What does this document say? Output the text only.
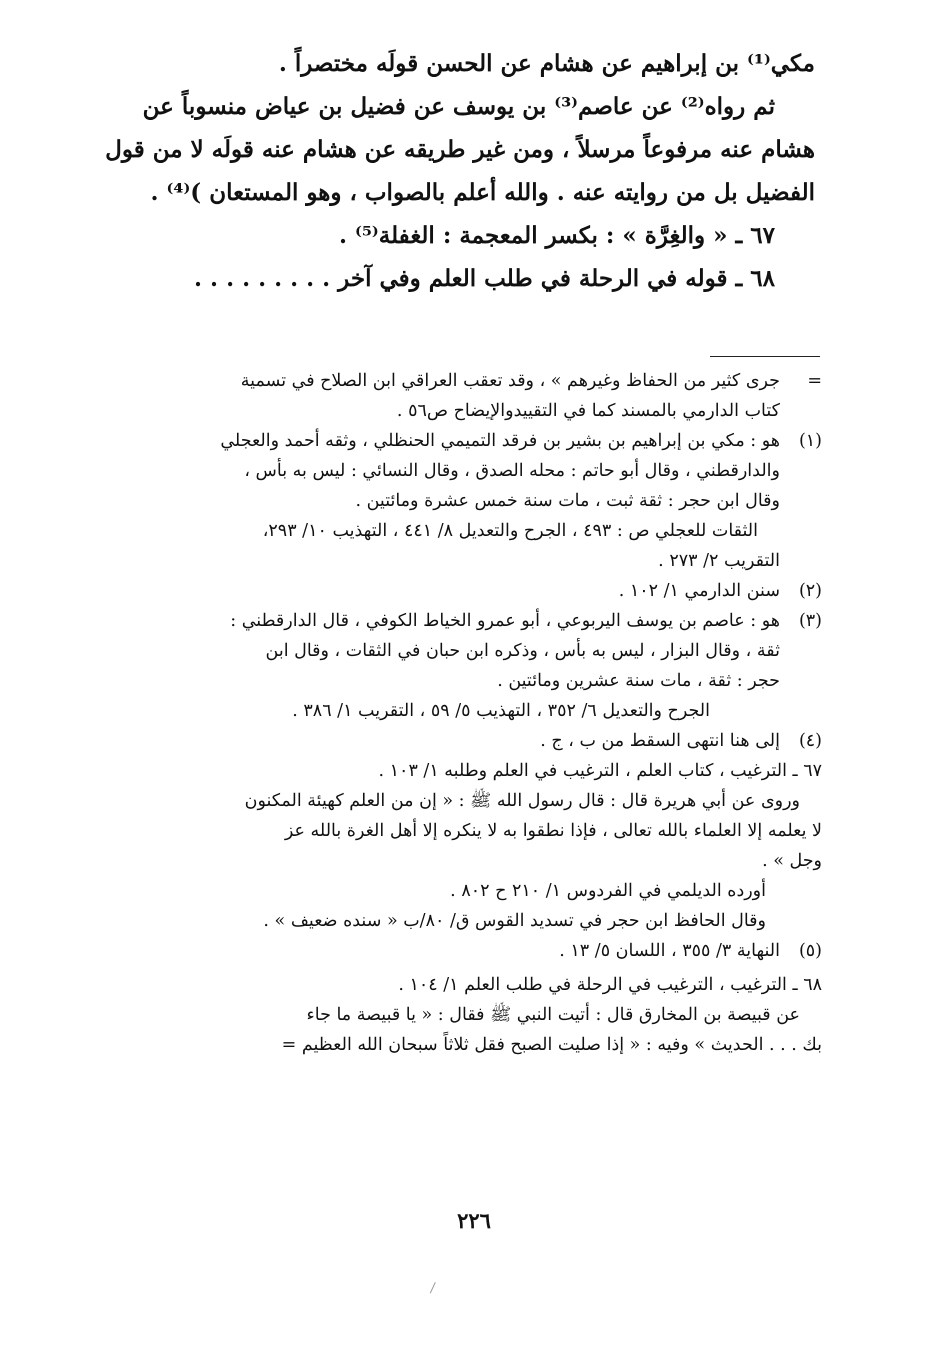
مكي⁽¹⁾ بن إبراهيم عن هشام عن الحسن قولَه مختصراً .
ثم رواه⁽²⁾ عن عاصم⁽³⁾ بن يوسف عن فضيل بن عياض منسوباً عن
هشام عنه مرفوعاً مرسلاً ، ومن غير طريقه عن هشام عنه قولَه لا من قول
الفضيل بل من روايته عنه . والله أعلم بالصواب ، وهو المستعان )⁽⁴⁾ .
٦٧ ـ « والغِرَّة » : بكسر المعجمة : الغفلة⁽⁵⁾ .
٦٨ ـ قوله في الرحلة في طلب العلم وفي آخر . . . . . . . . .
=
جرى كثير من الحفاظ وغيرهم » ، وقد تعقب العراقي ابن الصلاح في تسمية
كتاب الدارمي بالمسند كما في التقييدوالإيضاح ص٥٦ .
(١)
هو : مكي بن إبراهيم بن بشير بن فرقد التميمي الحنظلي ، وثقه أحمد والعجلي
والدارقطني ، وقال أبو حاتم : محله الصدق ، وقال النسائي : ليس به بأس ،
وقال ابن حجر : ثقة ثبت ، مات سنة خمس عشرة ومائتين .
الثقات للعجلي ص : ٤٩٣ ، الجرح والتعديل ٨/ ٤٤١ ، التهذيب ١٠/ ٢٩٣،
التقريب ٢/ ٢٧٣ .
(٢)
سنن الدارمي ١/ ١٠٢ .
(٣)
هو : عاصم بن يوسف اليربوعي ، أبو عمرو الخياط الكوفي ، قال الدارقطني :
ثقة ، وقال البزار ، ليس به بأس ، وذكره ابن حبان في الثقات ، وقال ابن
حجر : ثقة ، مات سنة عشرين ومائتين .
الجرح والتعديل ٦/ ٣٥٢ ، التهذيب ٥/ ٥٩ ، التقريب ١/ ٣٨٦ .
(٤)
إلى هنا انتهى السقط من ب ، ج .
٦٧ ـ الترغيب ، كتاب العلم ، الترغيب في العلم وطلبه ١/ ١٠٣ .
وروى عن أبي هريرة قال : قال رسول الله ﷺ : « إن من العلم كهيئة المكنون
لا يعلمه إلا العلماء بالله تعالى ، فإذا نطقوا به لا ينكره إلا أهل الغرة بالله عز
وجل » .
أورده الديلمي في الفردوس ١/ ٢١٠ ح ٨٠٢ .
وقال الحافظ ابن حجر في تسديد القوس ق/ ٨٠/ب « سنده ضعيف » .
(٥)
النهاية ٣/ ٣٥٥ ، اللسان ٥/ ١٣ .
٦٨ ـ الترغيب ، الترغيب في الرحلة في طلب العلم ١/ ١٠٤ .
عن قبيصة بن المخارق قال : أتيت النبي ﷺ فقال : « يا قبيصة ما جاء
بك . . . الحديث » وفيه : « إذا صليت الصبح فقل ثلاثاً سبحان الله العظيم =
٢٢٦
